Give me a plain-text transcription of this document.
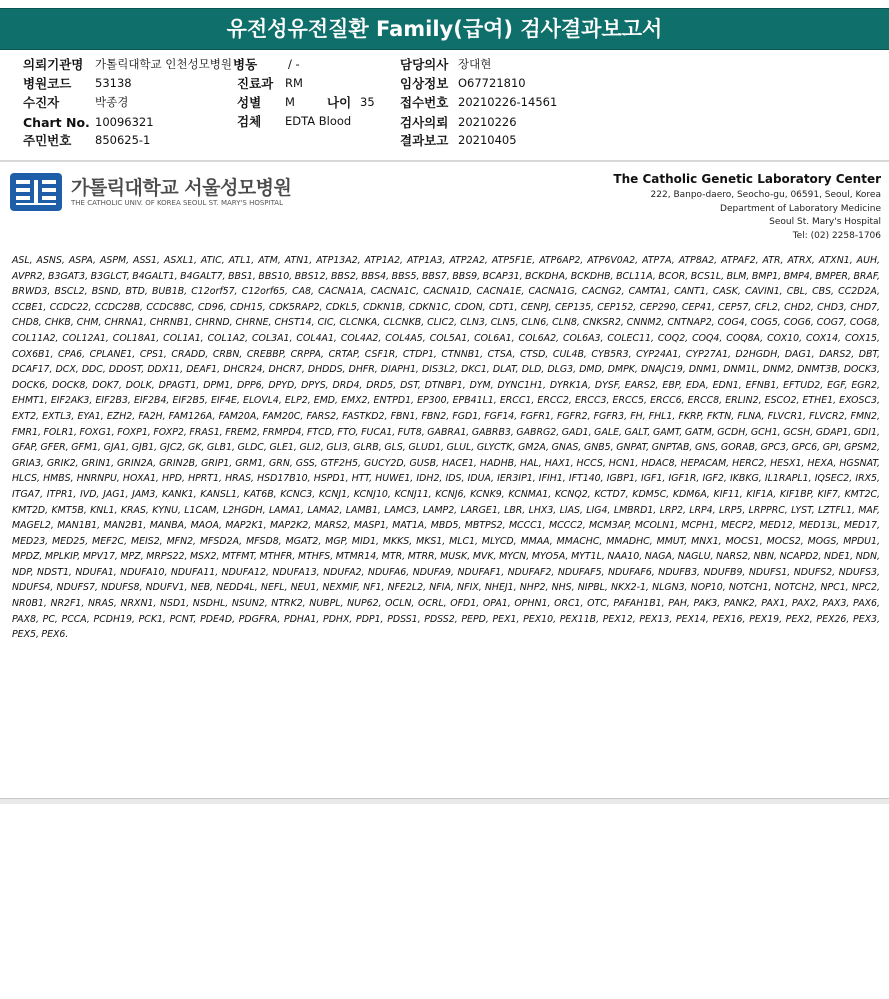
유전성유전질환 Family(급여) 검사결과보고서
의뢰기관명 가톨릭대학교 인천성모병원 병동	/ -	담당의사 장대현
병원코드 53138	진료과 RM	임상정보 O67721810
수진자	박종경	성별 M	나이 35 접수번호 20210226-14561
Chart No. 10096321	검체 EDTA Blood	검사의뢰 20210226
주민번호 850625-1	결과보고 20210405
가톨릭대학교 서울성모병원
THE CATHOLIC UNIV. OF KOREA SEOUL ST. MARY'S HOSPITAL
The Catholic Genetic Laboratory Center
222, Banpo-daero, Seocho-gu, 06591, Seoul, Korea
Department of Laboratory Medicine
Seoul St. Mary's Hospital
Tel: (02) 2258-1706
ASL, ASNS, ASPA, ASPM, ASS1, ASXL1, ATIC, ATL1, ATM, ATN1, ATP13A2, ATP1A2, ATP1A3, ATP2A2, ATP5F1E, ATP6AP2, ATP6V0A2, ATP7A, ATP8A2, ATPAF2, ATR, ATRX, ATXN1, AUH, AVPR2, B3GAT3, B3GLCT, B4GALT1, B4GALT7, BBS1, BBS10, BBS12, BBS2, BBS4, BBS5, BBS7, BBS9, BCAP31, BCKDHA, BCKDHB, BCL11A, BCOR, BCS1L, BLM, BMP1, BMP4, BMPER, BRAF, BRWD3, BSCL2, BSND, BTD, BUB1B, C12orf57, C12orf65, CA8, CACNA1A, CACNA1C, CACNA1D, CACNA1E, CACNA1G, CACNG2, CAMTA1, CANT1, CASK, CAVIN1, CBL, CBS, CC2D2A, CCBE1, CCDC22, CCDC28B, CCDC88C, CD96, CDH15, CDK5RAP2, CDKL5, CDKN1B, CDKN1C, CDON, CDT1, CENPJ, CEP135, CEP152, CEP290, CEP41, CEP57, CFL2, CHD2, CHD3, CHD7, CHD8, CHKB, CHM, CHRNA1, CHRNB1, CHRND, CHRNE, CHST14, CIC, CLCNKA, CLCNKB, CLIC2, CLN3, CLN5, CLN6, CLN8, CNKSR2, CNNM2, CNTNAP2, COG4, COG5, COG6, COG7, COG8, COL11A2, COL12A1, COL18A1, COL1A1, COL1A2, COL3A1, COL4A1, COL4A2, COL4A5, COL5A1, COL6A1, COL6A2, COL6A3, COLEC11, COQ2, COQ4, COQ8A, COX10, COX14, COX15, COX6B1, CPA6, CPLANE1, CPS1, CRADD, CRBN, CREBBP, CRPPA, CRTAP, CSF1R, CTDP1, CTNNB1, CTSA, CTSD, CUL4B, CYB5R3, CYP24A1, CYP27A1, D2HGDH, DAG1, DARS2, DBT, DCAF17, DCX, DDC, DDOST, DDX11, DEAF1, DHCR24, DHCR7, DHDDS, DHFR, DIAPH1, DIS3L2, DKC1, DLAT, DLD, DLG3, DMD, DMPK, DNAJC19, DNM1, DNM1L, DNM2, DNMT3B, DOCK3, DOCK6, DOCK8, DOK7, DOLK, DPAGT1, DPM1, DPP6, DPYD, DPYS, DRD4, DRD5, DST, DTNBP1, DYM, DYNC1H1, DYRK1A, DYSF, EARS2, EBP, EDA, EDN1, EFNB1, EFTUD2, EGF, EGR2, EHMT1, EIF2AK3, EIF2B3, EIF2B4, EIF2B5, EIF4E, ELOVL4, ELP2, EMD, EMX2, ENTPD1, EP300, EPB41L1, ERCC1, ERCC2, ERCC3, ERCC5, ERCC6, ERCC8, ERLIN2, ESCO2, ETHE1, EXOSC3, EXT2, EXTL3, EYA1, EZH2, FA2H, FAM126A, FAM20A, FAM20C, FARS2, FASTKD2, FBN1, FBN2, FGD1, FGF14, FGFR1, FGFR2, FGFR3, FH, FHL1, FKRP, FKTN, FLNA, FLVCR1, FLVCR2, FMN2, FMR1, FOLR1, FOXG1, FOXP1, FOXP2, FRAS1, FREM2, FRMPD4, FTCD, FTO, FUCA1, FUT8, GABRA1, GABRB3, GABRG2, GAD1, GALE, GALT, GAMT, GATM, GCDH, GCH1, GCSH, GDAP1, GDI1, GFAP, GFER, GFM1, GJA1, GJB1, GJC2, GK, GLB1, GLDC, GLE1, GLI2, GLI3, GLRB, GLS, GLUD1, GLUL, GLYCTK, GM2A, GNAS, GNB5, GNPAT, GNPTAB, GNS, GORAB, GPC3, GPC6, GPI, GPSM2, GRIA3, GRIK2, GRIN1, GRIN2A, GRIN2B, GRIP1, GRM1, GRN, GSS, GTF2H5, GUCY2D, GUSB, HACE1, HADHB, HAL, HAX1, HCCS, HCN1, HDAC8, HEPACAM, HERC2, HESX1, HEXA, HGSNAT, HLCS, HMBS, HNRNPU, HOXA1, HPD, HPRT1, HRAS, HSD17B10, HSPD1, HTT, HUWE1, IDH2, IDS, IDUA, IER3IP1, IFIH1, IFT140, IGBP1, IGF1, IGF1R, IGF2, IKBKG, IL1RAPL1, IQSEC2, IRX5, ITGA7, ITPR1, IVD, JAG1, JAM3, KANK1, KANSL1, KAT6B, KCNC3, KCNJ1, KCNJ10, KCNJ11, KCNJ6, KCNK9, KCNMA1, KCNQ2, KCTD7, KDM5C, KDM6A, KIF11, KIF1A, KIF1BP, KIF7, KMT2C, KMT2D, KMT5B, KNL1, KRAS, KYNU, L1CAM, L2HGDH, LAMA1, LAMA2, LAMB1, LAMC3, LAMP2, LARGE1, LBR, LHX3, LIAS, LIG4, LMBRD1, LRP2, LRP4, LRP5, LRPPRC, LYST, LZTFL1, MAF, MAGEL2, MAN1B1, MAN2B1, MANBA, MAOA, MAP2K1, MAP2K2, MARS2, MASP1, MAT1A, MBD5, MBTPS2, MCCC1, MCCC2, MCM3AP, MCOLN1, MCPH1, MECP2, MED12, MED13L, MED17, MED23, MED25, MEF2C, MEIS2, MFN2, MFSD2A, MFSD8, MGAT2, MGP, MID1, MKKS, MKS1, MLC1, MLYCD, MMAA, MMACHC, MMADHC, MMUT, MNX1, MOCS1, MOCS2, MOGS, MPDU1, MPDZ, MPLKIP, MPV17, MPZ, MRPS22, MSX2, MTFMT, MTHFR, MTHFS, MTMR14, MTR, MTRR, MUSK, MVK, MYCN, MYO5A, MYT1L, NAA10, NAGA, NAGLU, NARS2, NBN, NCAPD2, NDE1, NDN, NDP, NDST1, NDUFA1, NDUFA10, NDUFA11, NDUFA12, NDUFA13, NDUFA2, NDUFA6, NDUFA9, NDUFAF1, NDUFAF2, NDUFAF5, NDUFAF6, NDUFB3, NDUFB9, NDUFS1, NDUFS2, NDUFS3, NDUFS4, NDUFS7, NDUFS8, NDUFV1, NEB, NEDD4L, NEFL, NEU1, NEXMIF, NF1, NFE2L2, NFIA, NFIX, NHEJ1, NHP2, NHS, NIPBL, NKX2-1, NLGN3, NOP10, NOTCH1, NOTCH2, NPC1, NPC2, NR0B1, NR2F1, NRAS, NRXN1, NSD1, NSDHL, NSUN2, NTRK2, NUBPL, NUP62, OCLN, OCRL, OFD1, OPA1, OPHN1, ORC1, OTC, PAFAH1B1, PAH, PAK3, PANK2, PAX1, PAX2, PAX3, PAX6, PAX8, PC, PCCA, PCDH19, PCK1, PCNT, PDE4D, PDGFRA, PDHA1, PDHX, PDP1, PDSS1, PDSS2, PEPD, PEX1, PEX10, PEX11B, PEX12, PEX13, PEX14, PEX16, PEX19, PEX2, PEX26, PEX3, PEX5, PEX6.
